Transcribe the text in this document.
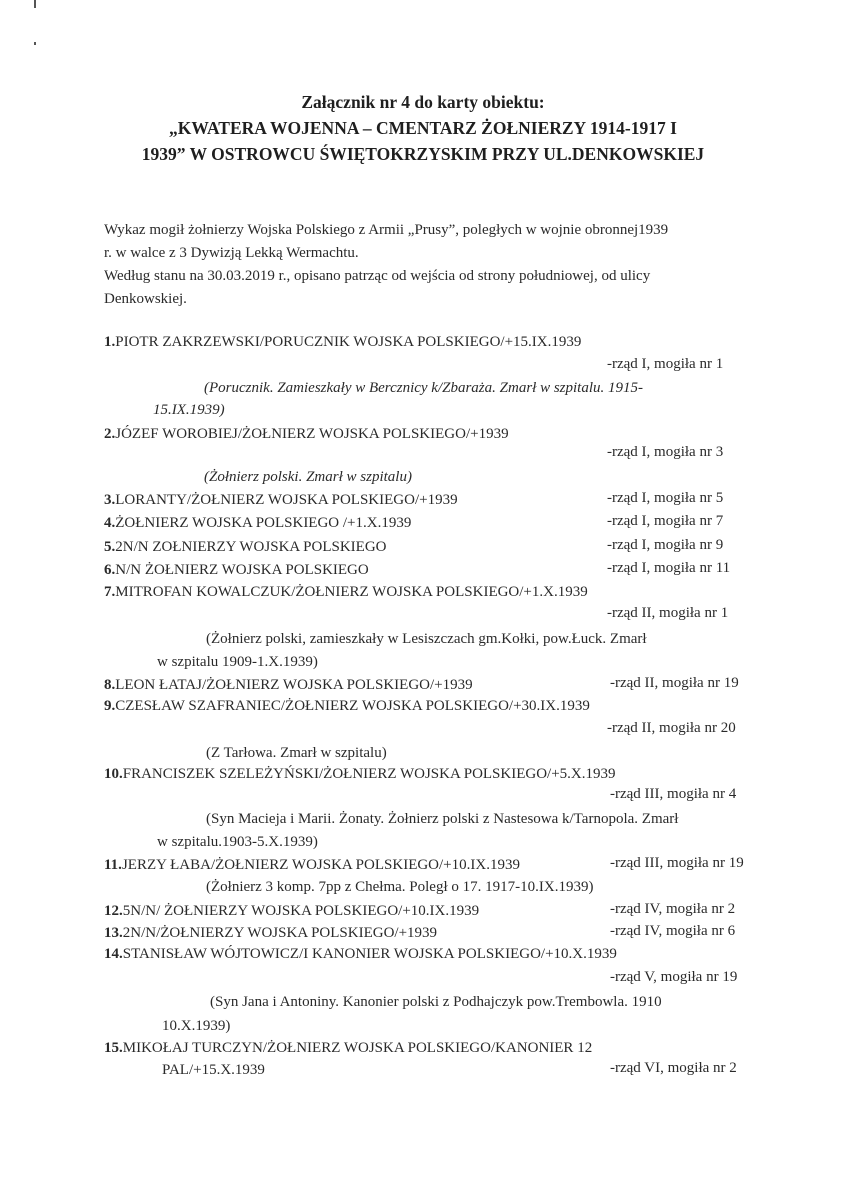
Załącznik nr 4 do karty obiektu:
„KWATERA WOJENNA – CMENTARZ ŻOŁNIERZY 1914-1917 I
1939” W OSTROWCU ŚWIĘTOKRZYSKIM PRZY UL.DENKOWSKIEJ
Wykaz mogił żołnierzy Wojska Polskiego z Armii „Prusy”, poległych w wojnie obronnej1939
r. w walce z 3 Dywizją Lekką Wermachtu.
Według stanu na 30.03.2019 r., opisano patrząc od wejścia od strony południowej, od ulicy
Denkowskiej.
1.PIOTR ZAKRZEWSKI/PORUCZNIK WOJSKA POLSKIEGO/+15.IX.1939
-rząd I, mogiła nr 1
(Porucznik. Zamieszkały w Bercznicy k/Zbaraża. Zmarł w szpitalu. 1915-
15.IX.1939)
2.JÓZEF WOROBIEJ/ŻOŁNIERZ WOJSKA POLSKIEGO/+1939
-rząd I, mogiła nr 3
(Żołnierz polski. Zmarł w szpitalu)
3.LORANTY/ŻOŁNIERZ WOJSKA POLSKIEGO/+1939	-rząd I, mogiła nr 5
4.ŻOŁNIERZ WOJSKA POLSKIEGO /+1.X.1939	-rząd I, mogiła nr 7
5.2N/N ZOŁNIERZY WOJSKA POLSKIEGO	-rząd I, mogiła nr 9
6.N/N ŻOŁNIERZ WOJSKA POLSKIEGO	-rząd I, mogiła nr 11
7.MITROFAN KOWALCZUK/ŻOŁNIERZ WOJSKA POLSKIEGO/+1.X.1939
-rząd II, mogiła nr 1
(Żołnierz polski, zamieszkały w Lesiszczach gm.Kołki, pow.Łuck. Zmarł
w szpitalu 1909-1.X.1939)
8.LEON ŁATAJ/ŻOŁNIERZ WOJSKA POLSKIEGO/+1939	-rząd II, mogiła nr 19
9.CZESŁAW SZAFRANIEC/ŻOŁNIERZ WOJSKA POLSKIEGO/+30.IX.1939
-rząd II, mogiła nr 20
(Z Tarłowa. Zmarł w szpitalu)
10.FRANCISZEK SZELEŻYŃSKI/ŻOŁNIERZ WOJSKA POLSKIEGO/+5.X.1939
-rząd III, mogiła nr 4
(Syn Macieja i Marii. Żonaty. Żołnierz polski z Nastesowa k/Tarnopola. Zmarł
w szpitalu.1903-5.X.1939)
11.JERZY ŁABA/ŻOŁNIERZ WOJSKA POLSKIEGO/+10.IX.1939	-rząd III, mogiła nr 19
(Żołnierz 3 komp. 7pp z Chełma. Poległ o 17. 1917-10.IX.1939)
12.5N/N/ ŻOŁNIERZY WOJSKA POLSKIEGO/+10.IX.1939	-rząd IV, mogiła nr 2
13.2N/N/ŻOŁNIERZY WOJSKA POLSKIEGO/+1939	-rząd IV, mogiła nr 6
14.STANISŁAW WÓJTOWICZ/I KANONIER WOJSKA POLSKIEGO/+10.X.1939
-rząd V, mogiła nr 19
(Syn Jana i Antoniny. Kanonier polski z Podhajczyk pow.Trembowla. 1910
10.X.1939)
15.MIKOŁAJ TURCZYN/ŻOŁNIERZ WOJSKA POLSKIEGO/KANONIER 12
PAL/+15.X.1939	-rząd VI, mogiła nr 2
